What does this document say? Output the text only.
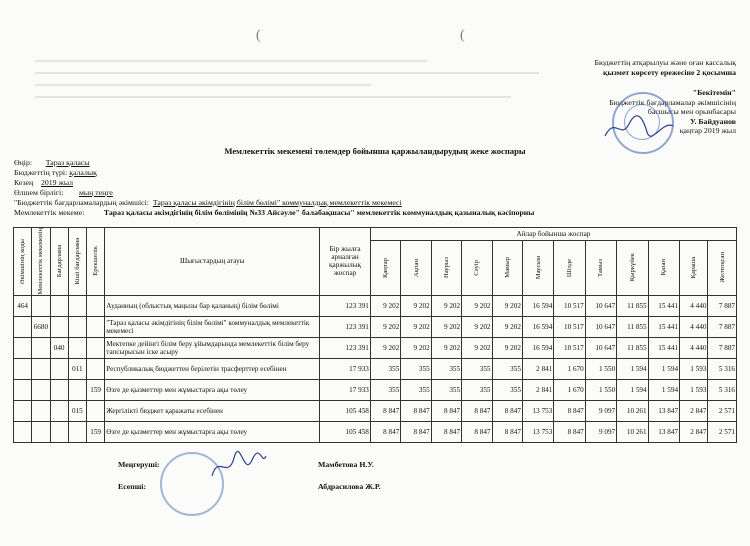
(	(
Бюджеттің атқарылуы және оған кассалық
қызмет көрсету ережесіне 2 қосымша
"Бекітемін"
Бюджеттік бағдарламалар әкімшісінің
басшысы мен орынбасары
У. Байдуанов
қаңтар 2019 жыл
Мемлекеттік мекемені төлемдер бойынша қаржыландырудың жеке жоспары
Өңір: Тараз қаласы
Бюджеттің түрі: қалалық
Кезең 2019 жыл
Өлшем бірлігі: мың теңге
"Бюджеттік бағдарламалардың әкімшісі: Тараз қаласы әкімдігінің білім бөлімі" коммуналдық мемлекеттік мекемесі
Мемлекеттік мекеме:	Тараз қаласы әкімдігінің білім бөлімінің №33 Айсәуле" балабақшасы" мемлекеттік коммуналдық қазыналық кәсіпорны
Әкімшінің коды	Мемлекеттік мекеменің	Бағдарлама	Кіші бағдарлама	Ерекшелік	Шығыстардың атауы	Бір жылға арналған қаржылық жоспар	Айлар бойынша жоспар											

							Қаңтар	Ақпан	Наурыз	Сәуір	Мамыр	Маусым	Шілде	Тамыз	Қыркүйек	Қазан	Қараша	Желтоқсан

464					Ауданның (облыстық маңызы бар қаланың) білім бөлімі	123 391	9 202	9 202	9 202	9 202	9 202	16 594	10 517	10 647	11 855	15 441	4 440	7 887
	6680				"Тараз қаласы әкімдігінің білім бөлімі" коммуналдық мемлекеттік мекемесі	123 391	9 202	9 202	9 202	9 202	9 202	16 594	10 517	10 647	11 855	15 441	4 440	7 887
		040			Мектепке дейінгі білім беру ұйымдарында мемлекеттік білім беру тапсырысын іске асыру	123 391	9 202	9 202	9 202	9 202	9 202	16 594	10 517	10 647	11 855	15 441	4 440	7 887
			011		Республикалық бюджеттен берілетін трасферттер есебінен	17 933	355	355	355	355	355	2 841	1 670	1 550	1 594	1 594	1 593	5 316
				159	Өзге де қызметтер мен жұмыстарға ақы төлеу	17 933	355	355	355	355	355	2 841	1 670	1 550	1 594	1 594	1 593	5 316
			015		Жергілікті бюджет қаражаты есебінен	105 458	8 847	8 847	8 847	8 847	8 847	13 753	8 847	9 097	10 261	13 847	2 847	2 571
				159	Өзге де қызметтер мен жұмыстарға ақы төлеу	105 458	8 847	8 847	8 847	8 847	8 847	13 753	8 847	9 097	10 261	13 847	2 847	2 571
Меңгеруші:	Мамбетова Н.У.
Есепші:	Абдрасилова Ж.Р.
